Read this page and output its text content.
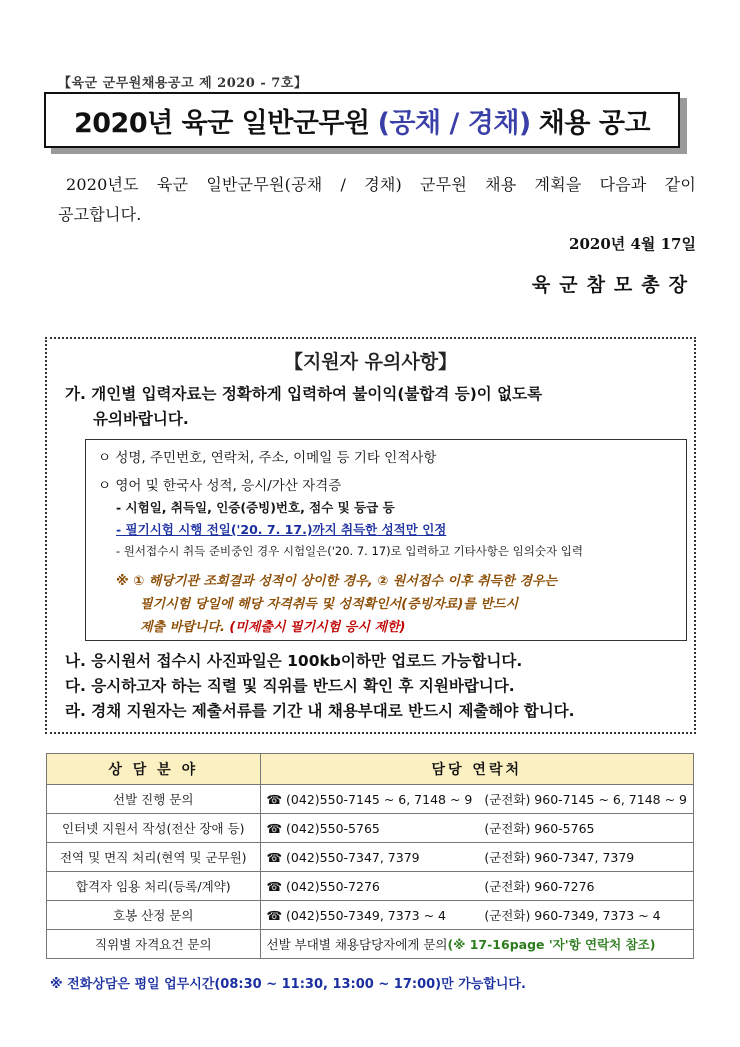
【육군 군무원채용공고 제 2020 - 7호】
2020년 육군 일반군무원 (공채 / 경채) 채용 공고
2020년도 육군 일반군무원(공채 / 경채) 군무원 채용 계획을 다음과 같이
공고합니다.
2020년 4월 17일
육군참모총장
【지원자 유의사항】
가. 개인별 입력자료는 정확하게 입력하여 불이익(불합격 등)이 없도록
유의바랍니다.
ㅇ 성명, 주민번호, 연락처, 주소, 이메일 등 기타 인적사항
ㅇ 영어 및 한국사 성적, 응시/가산 자격증
- 시험일, 취득일, 인증(증빙)번호, 점수 및 등급 등
- 필기시험 시행 전일('20. 7. 17.)까지 취득한 성적만 인정
- 원서접수시 취득 준비중인 경우 시험일은('20. 7. 17)로 입력하고 기타사항은 임의숫자 입력
※ ① 해당기관 조회결과 성적이 상이한 경우, ② 원서접수 이후 취득한 경우는
필기시험 당일에 해당 자격취득 및 성적확인서(증빙자료)를 반드시
제출 바랍니다. (미제출시 필기시험 응시 제한)
나. 응시원서 접수시 사진파일은 100kb이하만 업로드 가능합니다.
다. 응시하고자 하는 직렬 및 직위를 반드시 확인 후 지원바랍니다.
라. 경채 지원자는 제출서류를 기간 내 채용부대로 반드시 제출해야 합니다.
상 담 분 야	담당 연락처	
선발 진행 문의	☎ (042)550-7145 ~ 6, 7148 ~ 9	(군전화) 960-7145 ~ 6, 7148 ~ 9
인터넷 지원서 작성(전산 장애 등)	☎ (042)550-5765	(군전화) 960-5765
전역 및 면직 처리(현역 및 군무원)	☎ (042)550-7347, 7379	(군전화) 960-7347, 7379
합격자 임용 처리(등록/계약)	☎ (042)550-7276	(군전화) 960-7276
호봉 산정 문의	☎ (042)550-7349, 7373 ~ 4	(군전화) 960-7349, 7373 ~ 4
직위별 자격요건 문의	선발 부대별 채용담당자에게 문의(※ 17-16page '자'항 연락처 참조)	
※ 전화상담은 평일 업무시간(08:30 ~ 11:30, 13:00 ~ 17:00)만 가능합니다.
